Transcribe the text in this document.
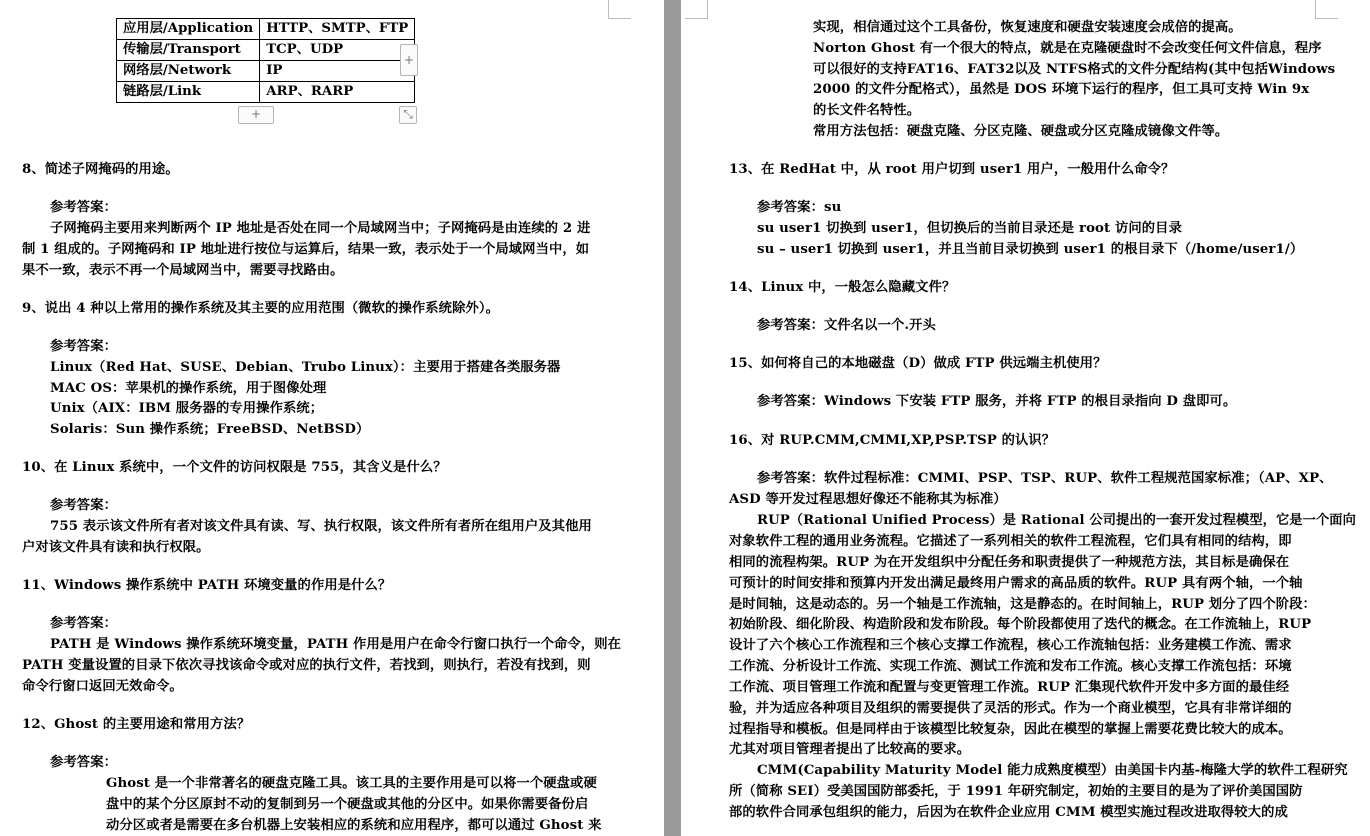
应用层/Application	HTTP、SMTP、FTP
传输层/Transport	TCP、UDP
网络层/Network	IP
链路层/Link	ARP、RARP
+
+	⤡
8、简述子网掩码的用途。
参考答案：
子网掩码主要用来判断两个 IP 地址是否处在同一个局域网当中；子网掩码是由连续的 2 进
制 1 组成的。子网掩码和 IP 地址进行按位与运算后，结果一致，表示处于一个局域网当中，如
果不一致，表示不再一个局域网当中，需要寻找路由。
9、说出 4 种以上常用的操作系统及其主要的应用范围（微软的操作系统除外）。
参考答案：
Linux（Red Hat、SUSE、Debian、Trubo Linux）：主要用于搭建各类服务器
MAC OS：苹果机的操作系统，用于图像处理
Unix（AIX：IBM 服务器的专用操作系统；
Solaris：Sun 操作系统；FreeBSD、NetBSD）
10、在 Linux 系统中，一个文件的访问权限是 755，其含义是什么？
参考答案：
755 表示该文件所有者对该文件具有读、写、执行权限，该文件所有者所在组用户及其他用
户对该文件具有读和执行权限。
11、Windows 操作系统中 PATH 环境变量的作用是什么？
参考答案：
PATH 是 Windows 操作系统环境变量，PATH 作用是用户在命令行窗口执行一个命令，则在
PATH 变量设置的目录下依次寻找该命令或对应的执行文件，若找到，则执行，若没有找到，则
命令行窗口返回无效命令。
12、Ghost 的主要用途和常用方法？
参考答案：
Ghost 是一个非常著名的硬盘克隆工具。该工具的主要作用是可以将一个硬盘或硬
盘中的某个分区原封不动的复制到另一个硬盘或其他的分区中。如果你需要备份启
动分区或者是需要在多台机器上安装相应的系统和应用程序，都可以通过 Ghost 来
实现，相信通过这个工具备份，恢复速度和硬盘安装速度会成倍的提高。
Norton Ghost 有一个很大的特点，就是在克隆硬盘时不会改变任何文件信息，程序
可以很好的支持FAT16、FAT32以及 NTFS格式的文件分配结构(其中包括Windows
2000 的文件分配格式），虽然是 DOS 环境下运行的程序，但工具可支持 Win 9x
的长文件名特性。
常用方法包括：硬盘克隆、分区克隆、硬盘或分区克隆成镜像文件等。
13、在 RedHat 中，从 root 用户切到 user1 用户，一般用什么命令？
参考答案：su
su user1 切换到 user1，但切换后的当前目录还是 root 访问的目录
su – user1 切换到 user1，并且当前目录切换到 user1 的根目录下（/home/user1/）
14、Linux 中，一般怎么隐藏文件？
参考答案：文件名以一个.开头
15、如何将自己的本地磁盘（D）做成 FTP 供远端主机使用？
参考答案：Windows 下安装 FTP 服务，并将 FTP 的根目录指向 D 盘即可。
16、对 RUP.CMM,CMMI,XP,PSP.TSP 的认识？
参考答案：软件过程标准：CMMI、PSP、TSP、RUP、软件工程规范国家标准；（AP、XP、
ASD 等开发过程思想好像还不能称其为标准）
RUP（Rational Unified Process）是 Rational 公司提出的一套开发过程模型，它是一个面向
对象软件工程的通用业务流程。它描述了一系列相关的软件工程流程，它们具有相同的结构，即
相同的流程构架。RUP 为在开发组织中分配任务和职责提供了一种规范方法，其目标是确保在
可预计的时间安排和预算内开发出满足最终用户需求的高品质的软件。RUP 具有两个轴，一个轴
是时间轴，这是动态的。另一个轴是工作流轴，这是静态的。在时间轴上，RUP 划分了四个阶段：
初始阶段、细化阶段、构造阶段和发布阶段。每个阶段都使用了迭代的概念。在工作流轴上，RUP
设计了六个核心工作流程和三个核心支撑工作流程，核心工作流轴包括：业务建模工作流、需求
工作流、分析设计工作流、实现工作流、测试工作流和发布工作流。核心支撑工作流包括：环境
工作流、项目管理工作流和配置与变更管理工作流。RUP 汇集现代软件开发中多方面的最佳经
验，并为适应各种项目及组织的需要提供了灵活的形式。作为一个商业模型，它具有非常详细的
过程指导和模板。但是同样由于该模型比较复杂，因此在模型的掌握上需要花费比较大的成本。
尤其对项目管理者提出了比较高的要求。
CMM(Capability Maturity Model 能力成熟度模型）由美国卡内基-梅隆大学的软件工程研究
所（简称 SEI）受美国国防部委托，于 1991 年研究制定，初始的主要目的是为了评价美国国防
部的软件合同承包组织的能力，后因为在软件企业应用 CMM 模型实施过程改进取得较大的成
